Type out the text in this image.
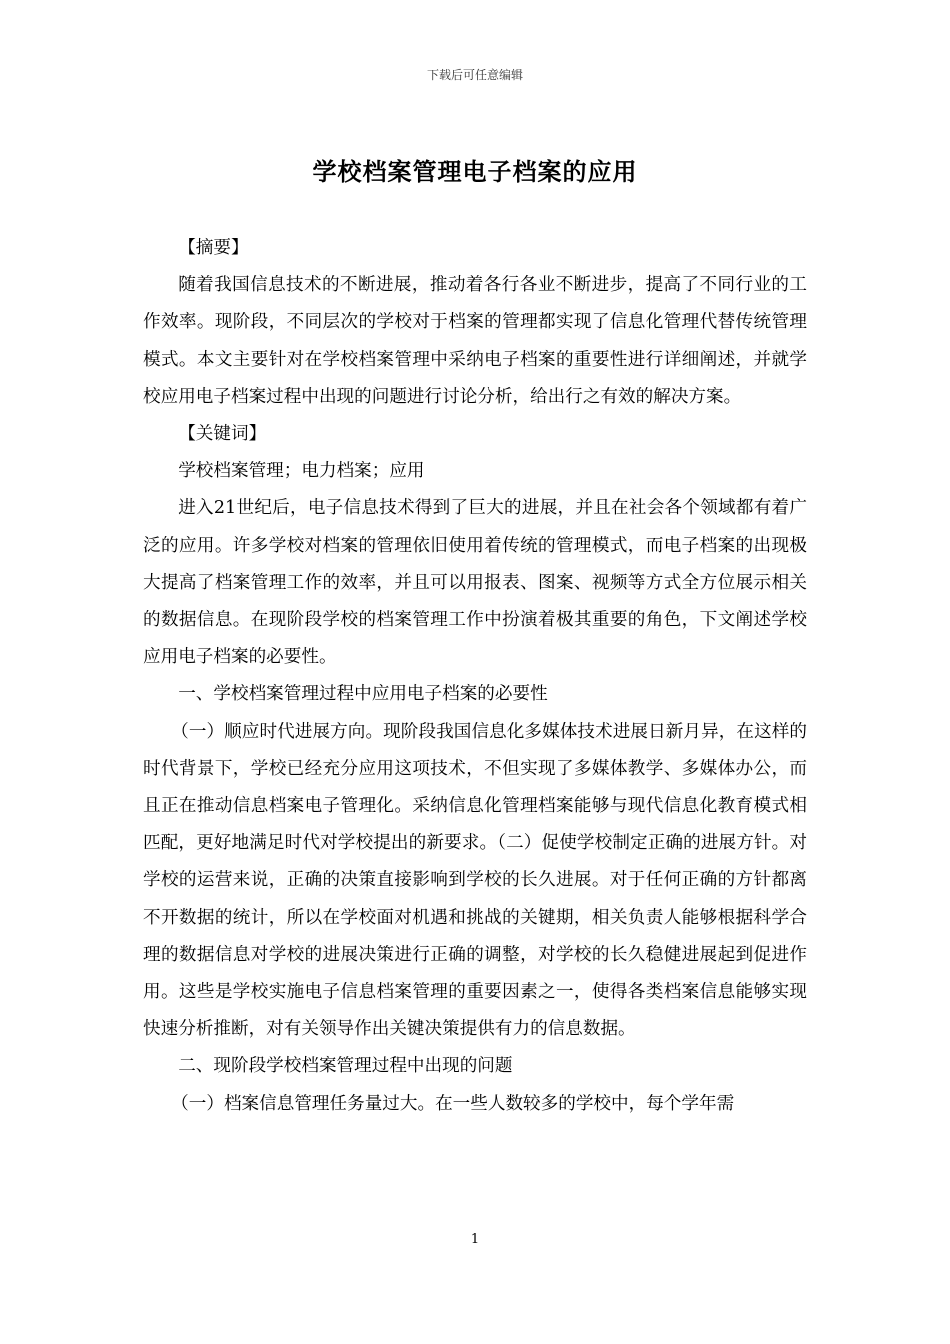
下载后可任意编辑
学校档案管理电子档案的应用

【摘要】

随着我国信息技术的不断进展，推动着各行各业不断进步，提高了不同行业的工作效率。现阶段，不同层次的学校对于档案的管理都实现了信息化管理代替传统管理模式。本文主要针对在学校档案管理中采纳电子档案的重要性进行详细阐述，并就学校应用电子档案过程中出现的问题进行讨论分析，给出行之有效的解决方案。

【关键词】

学校档案管理；电力档案；应用

进入21世纪后，电子信息技术得到了巨大的进展，并且在社会各个领域都有着广泛的应用。许多学校对档案的管理依旧使用着传统的管理模式，而电子档案的出现极大提高了档案管理工作的效率，并且可以用报表、图案、视频等方式全方位展示相关的数据信息。在现阶段学校的档案管理工作中扮演着极其重要的角色，下文阐述学校应用电子档案的必要性。

一、学校档案管理过程中应用电子档案的必要性

（一）顺应时代进展方向。现阶段我国信息化多媒体技术进展日新月异，在这样的时代背景下，学校已经充分应用这项技术，不但实现了多媒体教学、多媒体办公，而且正在推动信息档案电子管理化。采纳信息化管理档案能够与现代信息化教育模式相匹配，更好地满足时代对学校提出的新要求。（二）促使学校制定正确的进展方针。对学校的运营来说，正确的决策直接影响到学校的长久进展。对于任何正确的方针都离不开数据的统计，所以在学校面对机遇和挑战的关键期，相关负责人能够根据科学合理的数据信息对学校的进展决策进行正确的调整，对学校的长久稳健进展起到促进作用。这些是学校实施电子信息档案管理的重要因素之一，使得各类档案信息能够实现快速分析推断，对有关领导作出关键决策提供有力的信息数据。

二、现阶段学校档案管理过程中出现的问题

（一）档案信息管理任务量过大。在一些人数较多的学校中，每个学年需

1
